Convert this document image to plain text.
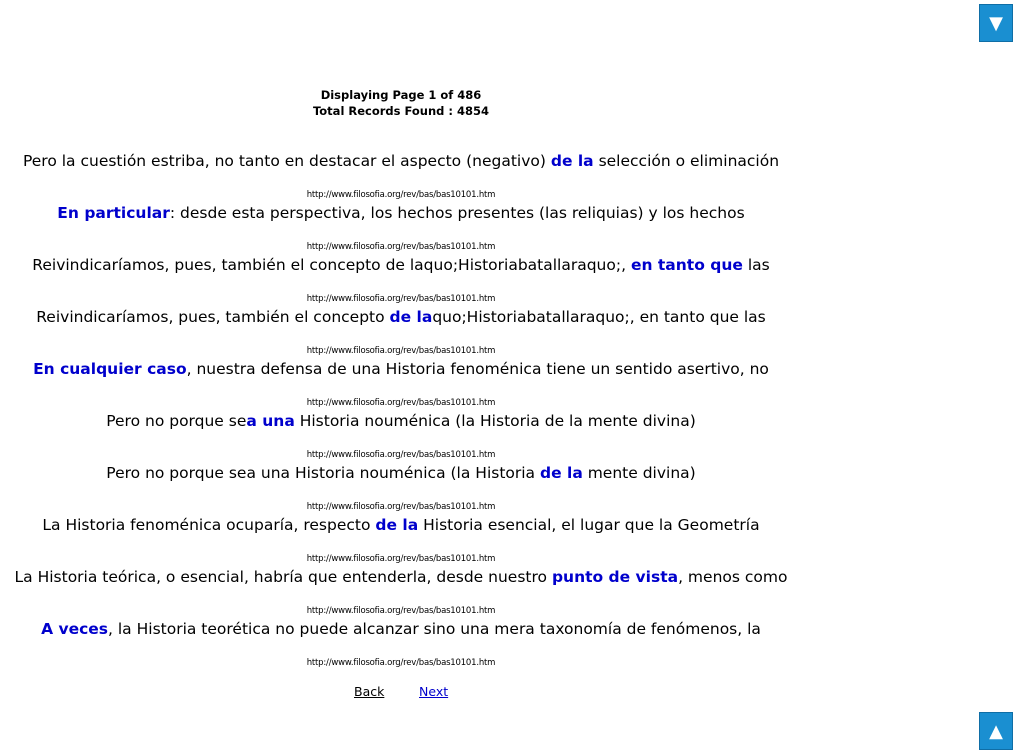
▼
▲
Displaying Page 1 of 486
Total Records Found : 4854
Pero la cuestión estriba, no tanto en destacar el aspecto (negativo) de la selección o eliminación
http://www.filosofia.org/rev/bas/bas10101.htm
En particular: desde esta perspectiva, los hechos presentes (las reliquias) y los hechos
http://www.filosofia.org/rev/bas/bas10101.htm
Reivindicaríamos, pues, también el concepto de laquo;Historiabatallaraquo;, en tanto que las
http://www.filosofia.org/rev/bas/bas10101.htm
Reivindicaríamos, pues, también el concepto de laquo;Historiabatallaraquo;, en tanto que las
http://www.filosofia.org/rev/bas/bas10101.htm
En cualquier caso, nuestra defensa de una Historia fenoménica tiene un sentido asertivo, no
http://www.filosofia.org/rev/bas/bas10101.htm
Pero no porque sea una Historia nouménica (la Historia de la mente divina)
http://www.filosofia.org/rev/bas/bas10101.htm
Pero no porque sea una Historia nouménica (la Historia de la mente divina)
http://www.filosofia.org/rev/bas/bas10101.htm
La Historia fenoménica ocuparía, respecto de la Historia esencial, el lugar que la Geometría
http://www.filosofia.org/rev/bas/bas10101.htm
La Historia teórica, o esencial, habría que entenderla, desde nuestro punto de vista, menos como
http://www.filosofia.org/rev/bas/bas10101.htm
A veces, la Historia teorética no puede alcanzar sino una mera taxonomía de fenómenos, la
http://www.filosofia.org/rev/bas/bas10101.htm
Back	Next
